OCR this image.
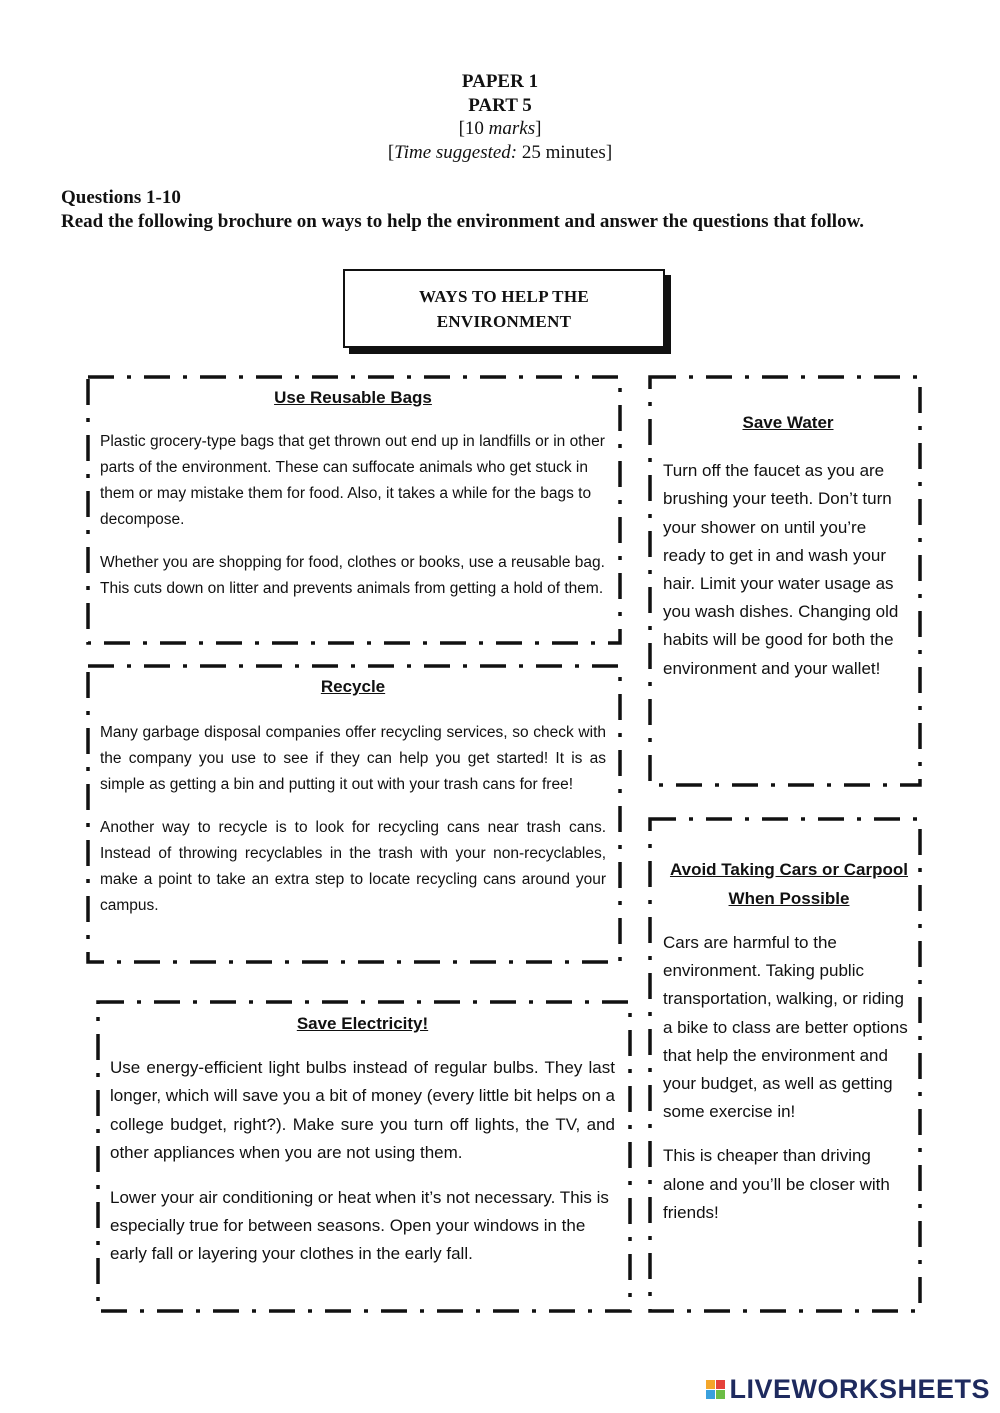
PAPER 1
PART 5
[10 marks]
[Time suggested: 25 minutes]
Questions 1-10
Read the following brochure on ways to help the environment and answer the questions that follow.
WAYS TO HELP THE ENVIRONMENT
Use Reusable Bags

Plastic grocery-type bags that get thrown out end up in landfills or in other parts of the environment. These can suffocate animals who get stuck in them or may mistake them for food. Also, it takes a while for the bags to decompose.

Whether you are shopping for food, clothes or books, use a reusable bag. This cuts down on litter and prevents animals from getting a hold of them.

Recycle

Many garbage disposal companies offer recycling services, so check with the company you use to see if they can help you get started! It is as simple as getting a bin and putting it out with your trash cans for free!

Another way to recycle is to look for recycling cans near trash cans. Instead of throwing recyclables in the trash with your non-recyclables, make a point to take an extra step to locate recycling cans around your campus.

Save Electricity!

Use energy-efficient light bulbs instead of regular bulbs. They last longer, which will save you a bit of money (every little bit helps on a college budget, right?). Make sure you turn off lights, the TV, and other appliances when you are not using them.

Lower your air conditioning or heat when it’s not necessary. This is especially true for between seasons. Open your windows in the early fall or layering your clothes in the early fall.

Save Water

Turn off the faucet as you are brushing your teeth. Don’t turn your shower on until you’re ready to get in and wash your hair. Limit your water usage as you wash dishes. Changing old habits will be good for both the environment and your wallet!

Avoid Taking Cars or Carpool When Possible

Cars are harmful to the environment. Taking public transportation, walking, or riding a bike to class are better options that help the environment and your budget, as well as getting some exercise in!

This is cheaper than driving alone and you’ll be closer with friends!

LIVEWORKSHEETS
